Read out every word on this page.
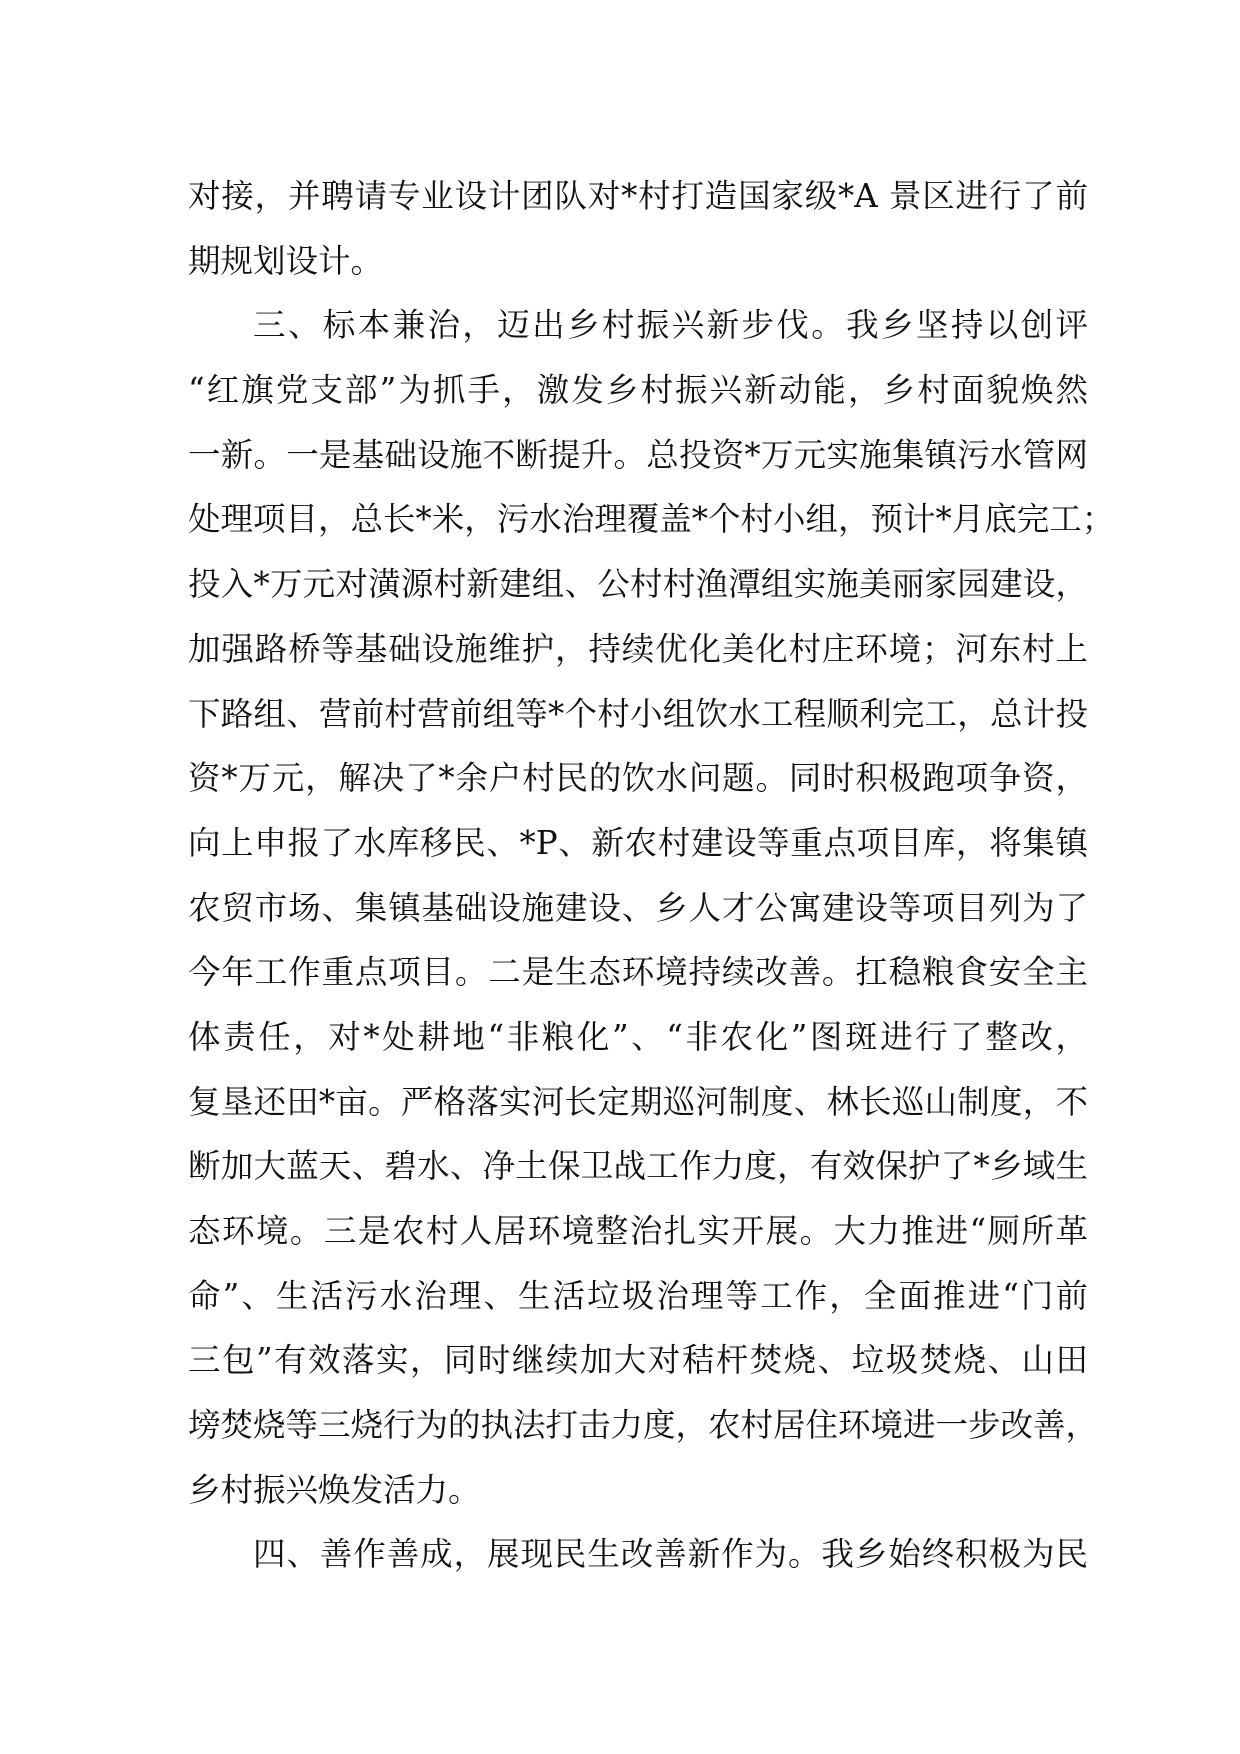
对接，并聘请专业设计团队对*村打造国家级*A 景区进行了前
期规划设计。
三、标本兼治，迈出乡村振兴新步伐。我乡坚持以创评
“红旗党支部”为抓手，激发乡村振兴新动能，乡村面貌焕然
一新。一是基础设施不断提升。总投资*万元实施集镇污水管网
处理项目，总长*米，污水治理覆盖*个村小组，预计*月底完工；
投入*万元对潢源村新建组、公村村渔潭组实施美丽家园建设，
加强路桥等基础设施维护，持续优化美化村庄环境；河东村上
下路组、营前村营前组等*个村小组饮水工程顺利完工，总计投
资*万元，解决了*余户村民的饮水问题。同时积极跑项争资，
向上申报了水库移民、*P、新农村建设等重点项目库，将集镇
农贸市场、集镇基础设施建设、乡人才公寓建设等项目列为了
今年工作重点项目。二是生态环境持续改善。扛稳粮食安全主
体责任，对*处耕地“非粮化”、“非农化”图斑进行了整改，
复垦还田*亩。严格落实河长定期巡河制度、林长巡山制度，不
断加大蓝天、碧水、净土保卫战工作力度，有效保护了*乡域生
态环境。三是农村人居环境整治扎实开展。大力推进“厕所革
命”、生活污水治理、生活垃圾治理等工作，全面推进“门前
三包”有效落实，同时继续加大对秸杆焚烧、垃圾焚烧、山田
塝焚烧等三烧行为的执法打击力度，农村居住环境进一步改善，
乡村振兴焕发活力。
四、善作善成，展现民生改善新作为。我乡始终积极为民
